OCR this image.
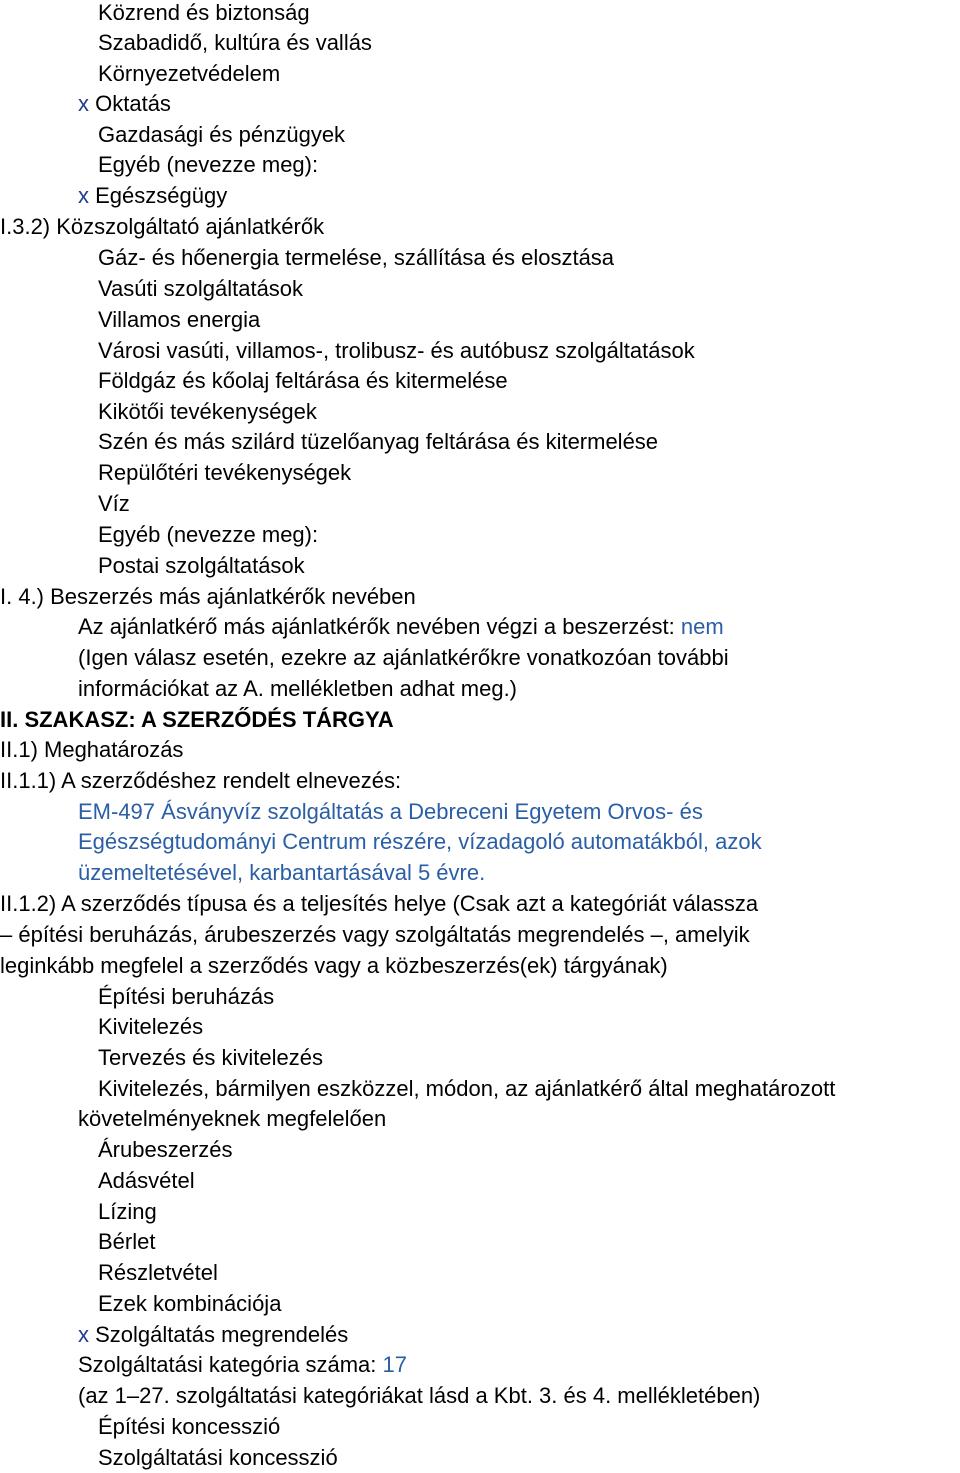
Közrend és biztonság
Szabadidő, kultúra és vallás
Környezetvédelem
x Oktatás
Gazdasági és pénzügyek
Egyéb (nevezze meg):
x Egészségügy
I.3.2) Közszolgáltató ajánlatkérők
Gáz- és hőenergia termelése, szállítása és elosztása
Vasúti szolgáltatások
Villamos energia
Városi vasúti, villamos-, trolibusz- és autóbusz szolgáltatások
Földgáz és kőolaj feltárása és kitermelése
Kikötői tevékenységek
Szén és más szilárd tüzelőanyag feltárása és kitermelése
Repülőtéri tevékenységek
Víz
Egyéb (nevezze meg):
Postai szolgáltatások
I. 4.) Beszerzés más ajánlatkérők nevében
Az ajánlatkérő más ajánlatkérők nevében végzi a beszerzést: nem
(Igen válasz esetén, ezekre az ajánlatkérőkre vonatkozóan további
információkat az A. mellékletben adhat meg.)
II. SZAKASZ: A SZERZŐDÉS TÁRGYA
II.1) Meghatározás
II.1.1) A szerződéshez rendelt elnevezés:
EM-497 Ásványvíz szolgáltatás a Debreceni Egyetem Orvos- és
Egészségtudományi Centrum részére, vízadagoló automatákból, azok
üzemeltetésével, karbantartásával 5 évre.
II.1.2) A szerződés típusa és a teljesítés helye (Csak azt a kategóriát válassza
– építési beruházás, árubeszerzés vagy szolgáltatás megrendelés –, amelyik
leginkább megfelel a szerződés vagy a közbeszerzés(ek) tárgyának)
Építési beruházás
Kivitelezés
Tervezés és kivitelezés
Kivitelezés, bármilyen eszközzel, módon, az ajánlatkérő által meghatározott
követelményeknek megfelelően
Árubeszerzés
Adásvétel
Lízing
Bérlet
Részletvétel
Ezek kombinációja
x Szolgáltatás megrendelés
Szolgáltatási kategória száma: 17
(az 1–27. szolgáltatási kategóriákat lásd a Kbt. 3. és 4. mellékletében)
Építési koncesszió
Szolgáltatási koncesszió
